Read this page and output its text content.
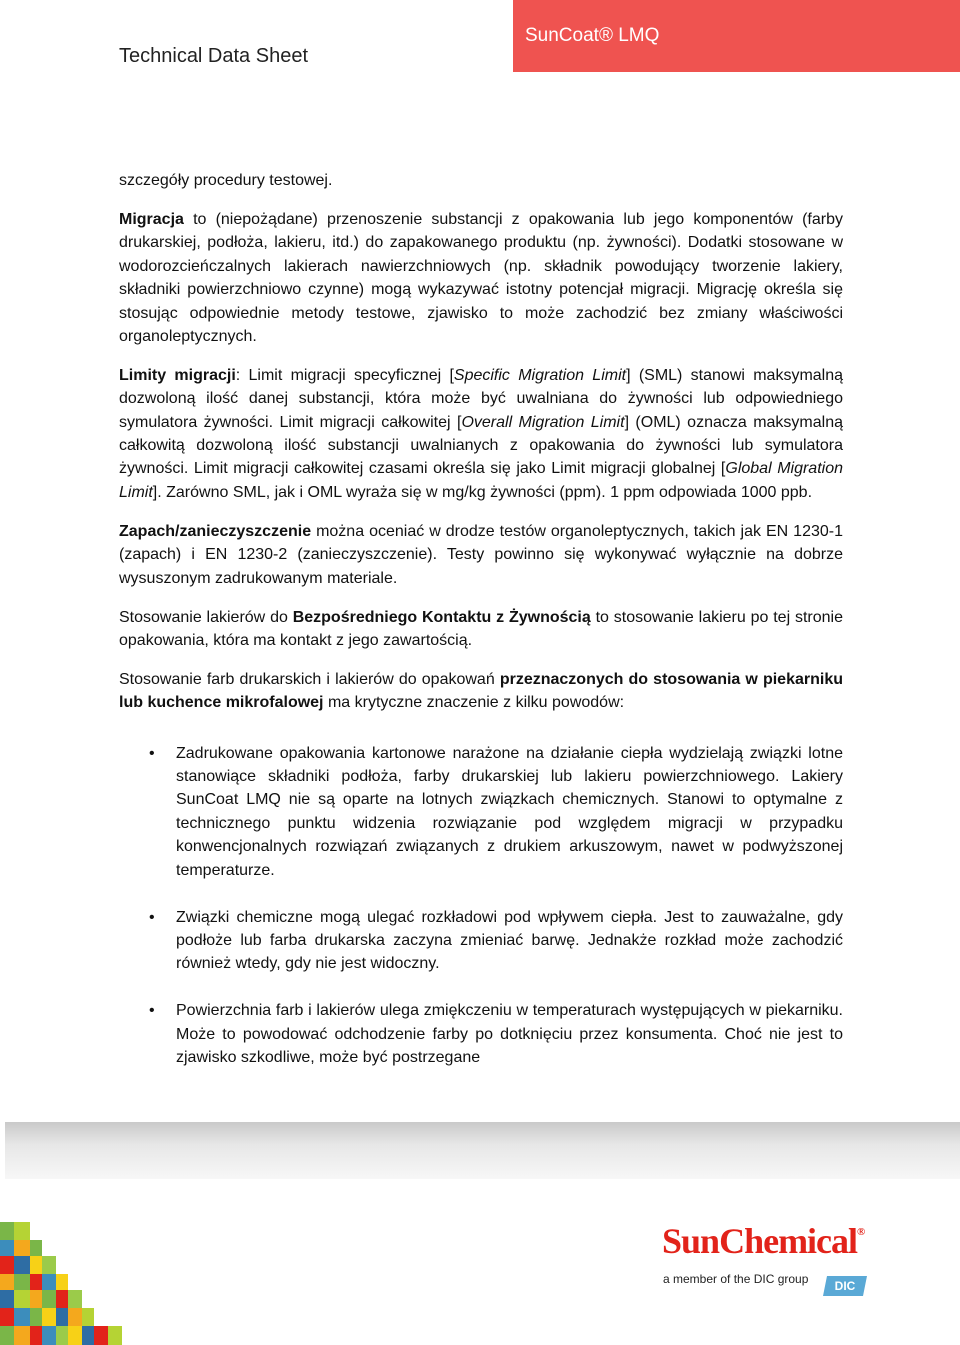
Technical Data Sheet
SunCoat® LMQ

szczegóły procedury testowej.

Migracja to (niepożądane) przenoszenie substancji z opakowania lub jego komponentów (farby drukarskiej, podłoża, lakieru, itd.) do zapakowanego produktu (np. żywności). Dodatki stosowane w wodorozcieńczalnych lakierach nawierzchniowych (np. składnik powodujący tworzenie lakiery, składniki powierzchniowo czynne) mogą wykazywać istotny potencjał migracji. Migrację określa się stosując odpowiednie metody testowe, zjawisko to może zachodzić bez zmiany właściwości organoleptycznych.

Limity migracji: Limit migracji specyficznej [Specific Migration Limit] (SML) stanowi maksymalną dozwoloną ilość danej substancji, która może być uwalniana do żywności lub odpowiedniego symulatora żywności. Limit migracji całkowitej [Overall Migration Limit] (OML) oznacza maksymalną całkowitą dozwoloną ilość substancji uwalnianych z opakowania do żywności lub symulatora żywności. Limit migracji całkowitej czasami określa się jako Limit migracji globalnej [Global Migration Limit]. Zarówno SML, jak i OML wyraża się w mg/kg żywności (ppm). 1 ppm odpowiada 1000 ppb.

Zapach/zanieczyszczenie można oceniać w drodze testów organoleptycznych, takich jak EN 1230-1 (zapach) i EN 1230-2 (zanieczyszczenie). Testy powinno się wykonywać wyłącznie na dobrze wysuszonym zadrukowanym materiale.

Stosowanie lakierów do Bezpośredniego Kontaktu z Żywnością to stosowanie lakieru po tej stronie opakowania, która ma kontakt z jego zawartością.

Stosowanie farb drukarskich i lakierów do opakowań przeznaczonych do stosowania w piekarniku lub kuchence mikrofalowej ma krytyczne znaczenie z kilku powodów:

• Zadrukowane opakowania kartonowe narażone na działanie ciepła wydzielają związki lotne stanowiące składniki podłoża, farby drukarskiej lub lakieru powierzchniowego. Lakiery SunCoat LMQ nie są oparte na lotnych związkach chemicznych. Stanowi to optymalne z technicznego punktu widzenia rozwiązanie pod względem migracji w przypadku konwencjonalnych rozwiązań związanych z drukiem arkuszowym, nawet w podwyższonej temperaturze.
• Związki chemiczne mogą ulegać rozkładowi pod wpływem ciepła. Jest to zauważalne, gdy podłoże lub farba drukarska zaczyna zmieniać barwę. Jednakże rozkład może zachodzić również wtedy, gdy nie jest widoczny.
• Powierzchnia farb i lakierów ulega zmiękczeniu w temperaturach występujących w piekarniku. Może to powodować odchodzenie farby po dotknięciu przez konsumenta. Choć nie jest to zjawisko szkodliwe, może być postrzegane
SunChemical®
a member of the DIC group DIC
